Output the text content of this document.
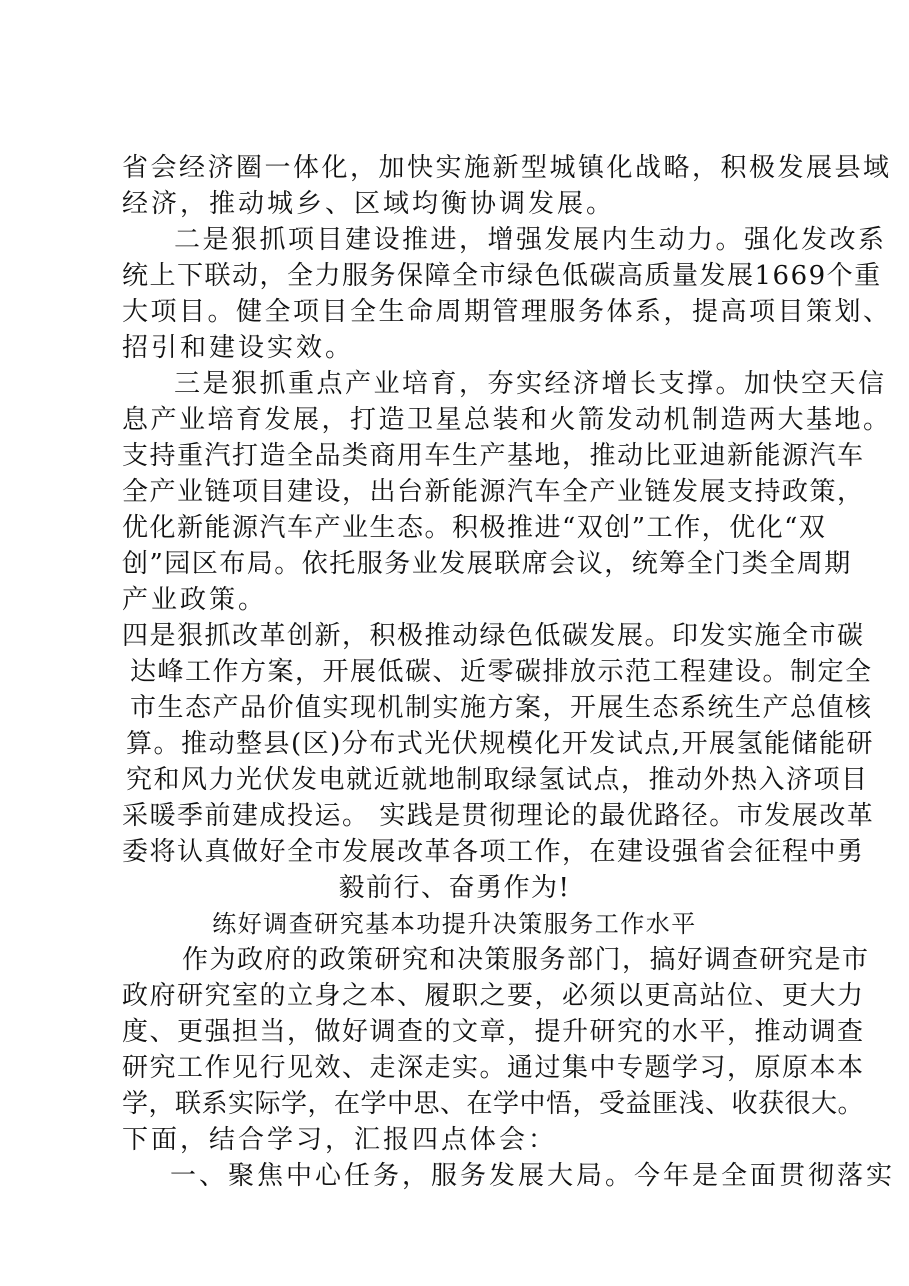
省会经济圈一体化，加快实施新型城镇化战略，积极发展县域
经济，推动城乡、区域均衡协调发展。
二是狠抓项目建设推进，增强发展内生动力。强化发改系
统上下联动，全力服务保障全市绿色低碳高质量发展1669个重
大项目。健全项目全生命周期管理服务体系，提高项目策划、
招引和建设实效。
三是狠抓重点产业培育，夯实经济增长支撑。加快空天信
息产业培育发展，打造卫星总装和火箭发动机制造两大基地。
支持重汽打造全品类商用车生产基地，推动比亚迪新能源汽车
全产业链项目建设，出台新能源汽车全产业链发展支持政策，
优化新能源汽车产业生态。积极推进“双创”工作，优化“双
创”园区布局。依托服务业发展联席会议，统筹全门类全周期
产业政策。
四是狠抓改革创新，积极推动绿色低碳发展。印发实施全市碳
达峰工作方案，开展低碳、近零碳排放示范工程建设。制定全
市生态产品价值实现机制实施方案，开展生态系统生产总值核
算。推动整县(区)分布式光伏规模化开发试点,开展氢能储能研
究和风力光伏发电就近就地制取绿氢试点，推动外热入济项目
采暖季前建成投运。 实践是贯彻理论的最优路径。市发展改革
委将认真做好全市发展改革各项工作，在建设强省会征程中勇
毅前行、奋勇作为!
练好调查研究基本功提升决策服务工作水平
作为政府的政策研究和决策服务部门，搞好调查研究是市
政府研究室的立身之本、履职之要，必须以更高站位、更大力
度、更强担当，做好调查的文章，提升研究的水平，推动调查
研究工作见行见效、走深走实。通过集中专题学习，原原本本
学，联系实际学，在学中思、在学中悟，受益匪浅、收获很大。
下面，结合学习，汇报四点体会：
一、聚焦中心任务，服务发展大局。今年是全面贯彻落实
